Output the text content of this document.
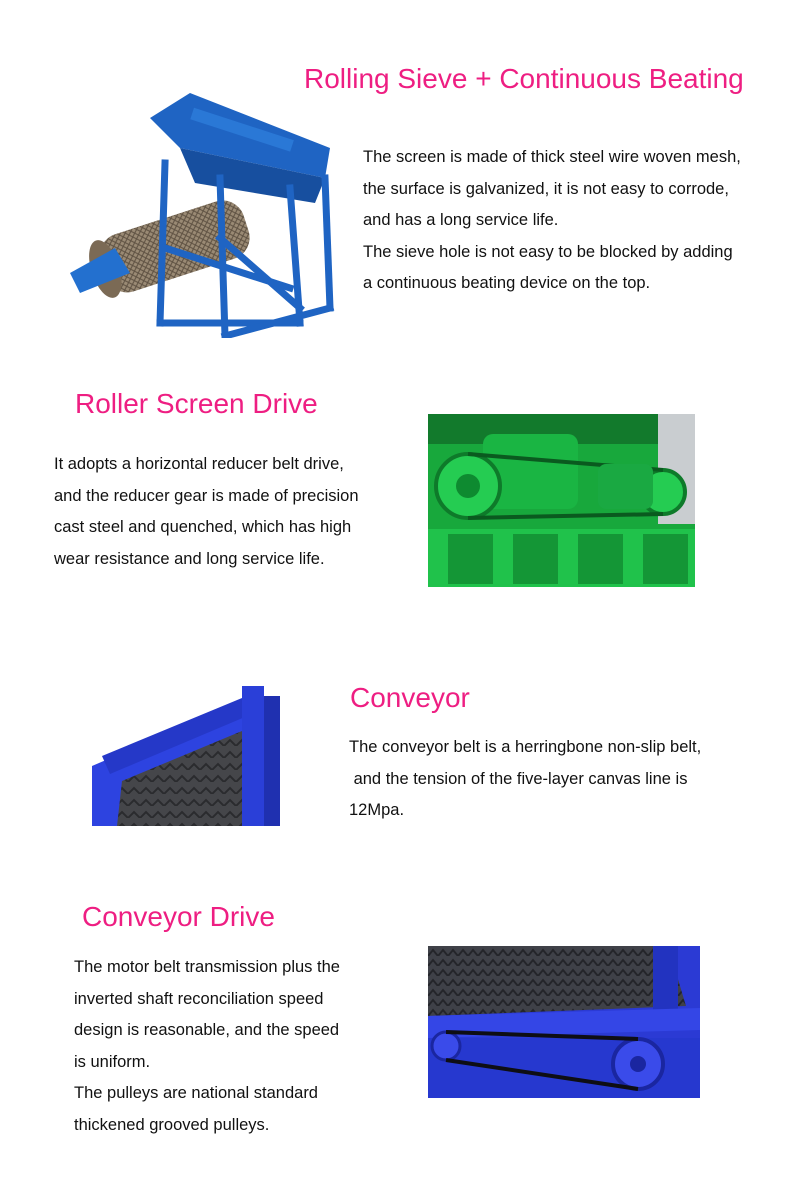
Rolling Sieve + Continuous Beating
The screen is made of thick steel wire woven mesh,
the surface is galvanized, it is not easy to corrode,
and has a long service life.
The sieve hole is not easy to be blocked by adding
a continuous beating device on the top.
Roller Screen Drive
It adopts a horizontal reducer belt drive,
and the reducer gear is made of precision
cast steel and quenched, which has high
wear resistance and long service life.
Conveyor
The conveyor belt is a herringbone non-slip belt,
and the tension of the five-layer canvas line is
12Mpa.
Conveyor Drive
The motor belt transmission plus the
inverted shaft reconciliation speed
design is reasonable, and the speed
is uniform.
The pulleys are national standard
thickened grooved pulleys.
